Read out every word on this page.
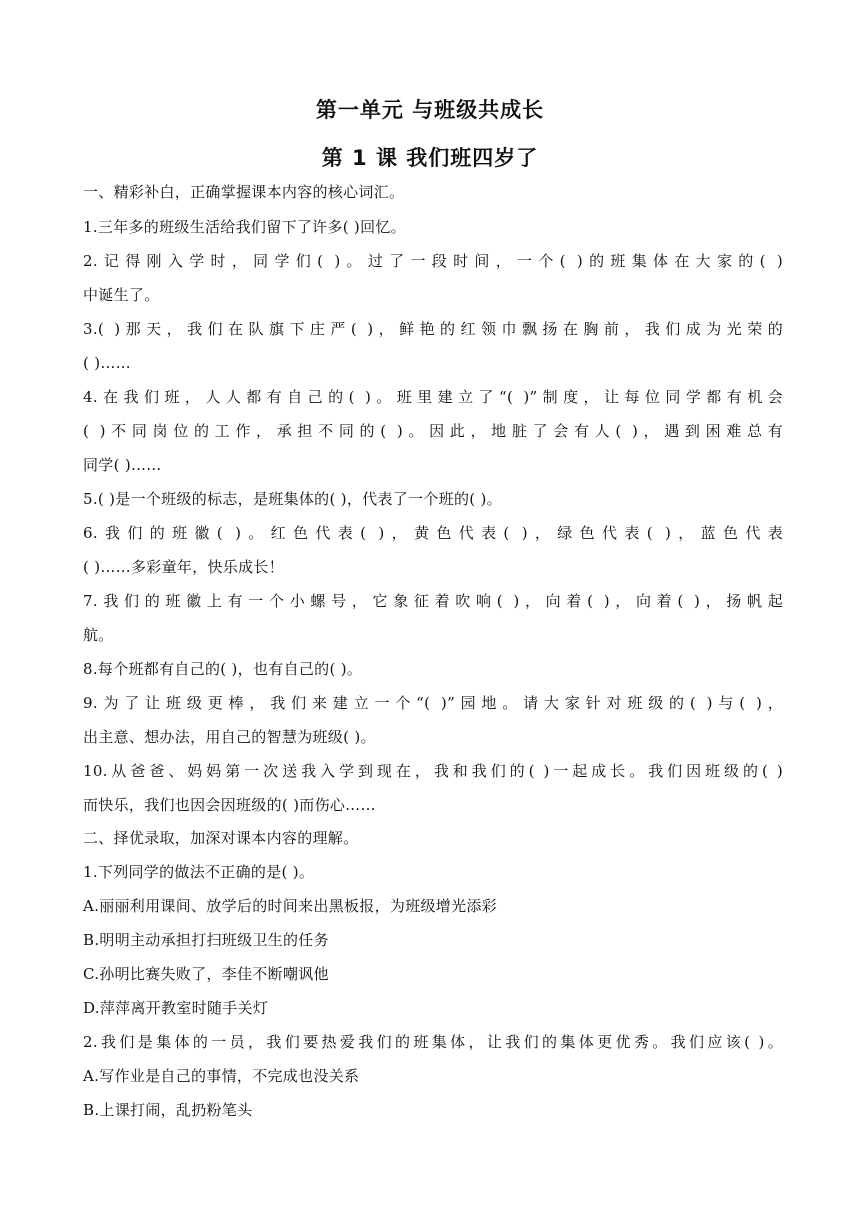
第一单元 与班级共成长
第 1 课 我们班四岁了
一、精彩补白，正确掌握课本内容的核心词汇。
1.三年多的班级生活给我们留下了许多( )回忆。
2.记得刚入学时，同学们( )。过了一段时间，一个( )的班集体在大家的( )
中诞生了。
3.( )那天，我们在队旗下庄严( )，鲜艳的红领巾飘扬在胸前，我们成为光荣的
( )……
4.在我们班，人人都有自己的( )。班里建立了“( )”制度，让每位同学都有机会
( )不同岗位的工作，承担不同的( )。因此，地脏了会有人( )，遇到困难总有
同学( )……
5.( )是一个班级的标志，是班集体的( )，代表了一个班的( )。
6.我们的班徽( )。红色代表( )，黄色代表( )，绿色代表( )，蓝色代表
( )……多彩童年，快乐成长！
7.我们的班徽上有一个小螺号，它象征着吹响( )，向着( )，向着( )，扬帆起
航。
8.每个班都有自己的( )，也有自己的( )。
9.为了让班级更棒，我们来建立一个“( )”园地。请大家针对班级的( )与( )，
出主意、想办法，用自己的智慧为班级( )。
10.从爸爸、妈妈第一次送我入学到现在，我和我们的( )一起成长。我们因班级的( )
而快乐，我们也因会因班级的( )而伤心……
二、择优录取，加深对课本内容的理解。
1.下列同学的做法不正确的是( )。
A.丽丽利用课间、放学后的时间来出黑板报，为班级增光添彩
B.明明主动承担打扫班级卫生的任务
C.孙明比赛失败了，李佳不断嘲讽他
D.萍萍离开教室时随手关灯
2.我们是集体的一员，我们要热爱我们的班集体，让我们的集体更优秀。我们应该( )。
A.写作业是自己的事情，不完成也没关系
B.上课打闹，乱扔粉笔头
